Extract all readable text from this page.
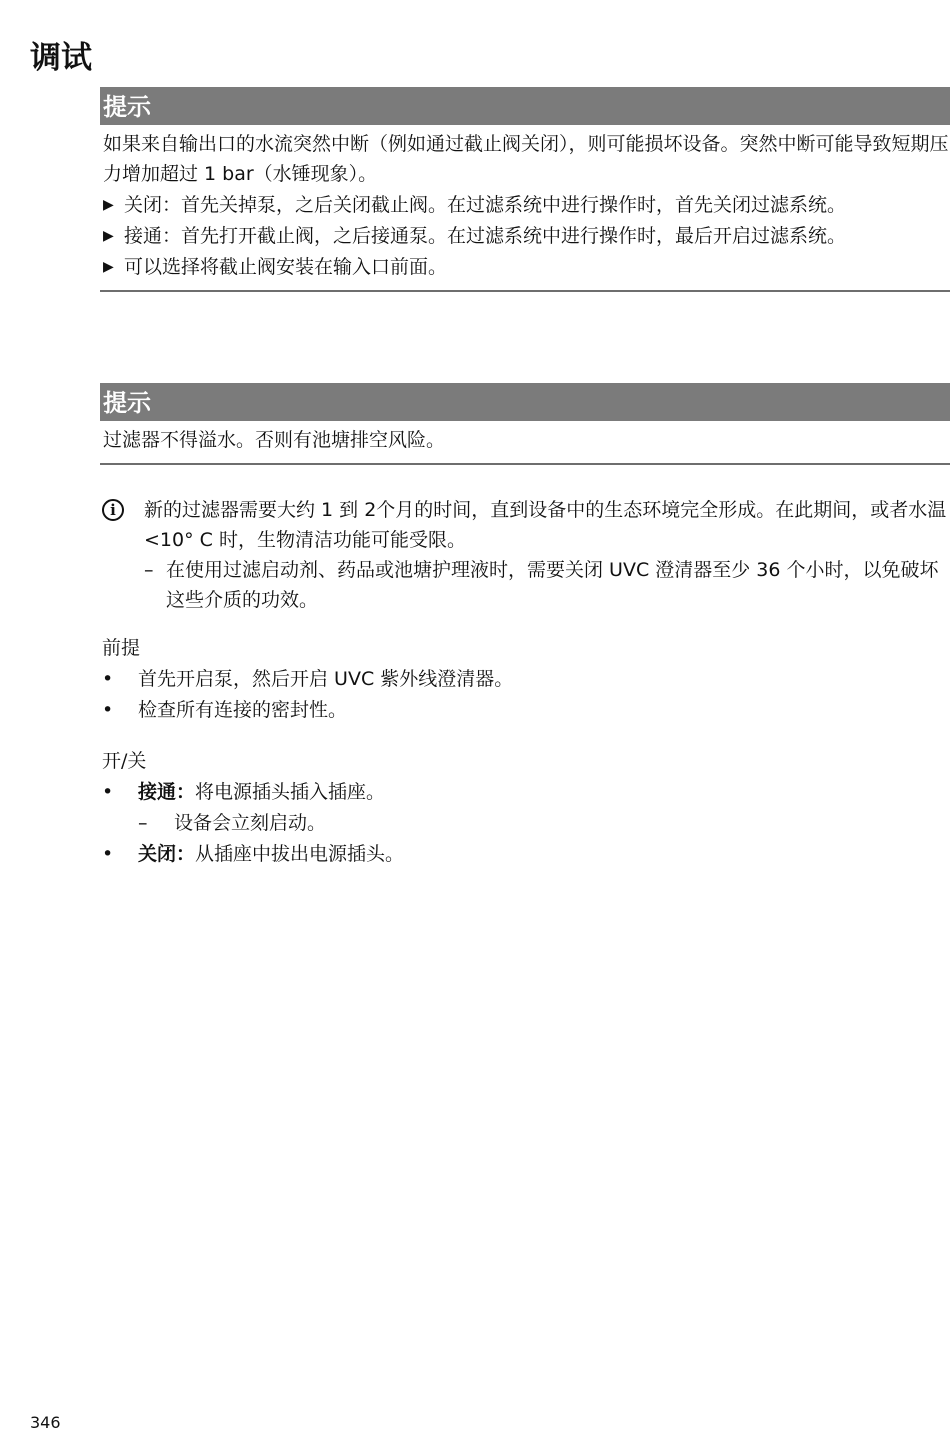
调试
提示

如果来自输出口的水流突然中断（例如通过截止阀关闭），则可能损坏设备。突然中断可能导致短期压力增加超过 1 bar（水锤现象）。

▶ 关闭：首先关掉泵，之后关闭截止阀。在过滤系统中进行操作时，首先关闭过滤系统。
▶ 接通：首先打开截止阀，之后接通泵。在过滤系统中进行操作时，最后开启过滤系统。
▶ 可以选择将截止阀安装在输入口前面。
提示

过滤器不得溢水。否则有池塘排空风险。

i	新的过滤器需要大约 1 到 2个月的时间，直到设备中的生态环境完全形成。在此期间，或者水温 <10° C 时，生物清洁功能可能受限。

– 在使用过滤启动剂、药品或池塘护理液时，需要关闭 UVC 澄清器至少 36 个小时，以免破坏这些介质的功效。

前提
• 首先开启泵，然后开启 UVC 紫外线澄清器。
• 检查所有连接的密封性。
开/关
• 接通：将电源插头插入插座。
– 设备会立刻启动。
• 关闭：从插座中拔出电源插头。

346
